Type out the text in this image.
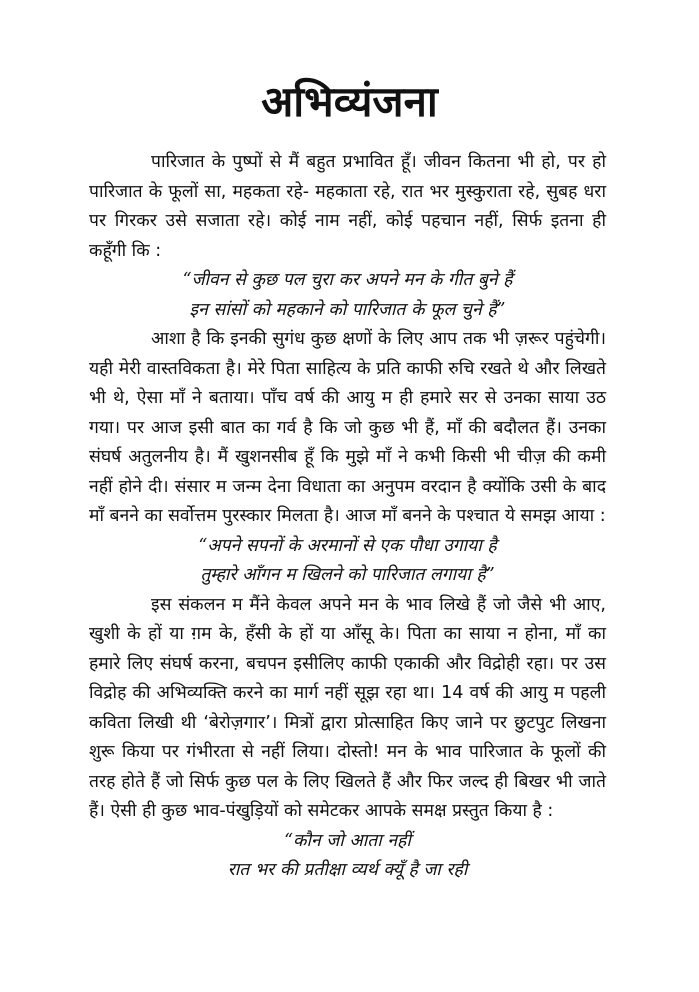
अभिव्यंजना

पारिजात के पुष्पों से मैं बहुत प्रभावित हूँ। जीवन कितना भी हो, पर हो पारिजात के फूलों सा, महकता रहे- महकाता रहे, रात भर मुस्कुराता रहे, सुबह धरा पर गिरकर उसे सजाता रहे। कोई नाम नहीं, कोई पहचान नहीं, सिर्फ इतना ही कहूँगी कि :

“जीवन से कुछ पल चुरा कर अपने मन के गीत बुने हैं

इन सांसों को महकाने को पारिजात के फूल चुने हैं”

आशा है कि इनकी सुगंध कुछ क्षणों के लिए आप तक भी ज़रूर पहुंचेगी। यही मेरी वास्तविकता है। मेरे पिता साहित्य के प्रति काफी रुचि रखते थे और लिखते भी थे, ऐसा माँ ने बताया। पाँच वर्ष की आयु म ही हमारे सर से उनका साया उठ गया। पर आज इसी बात का गर्व है कि जो कुछ भी हैं, माँ की बदौलत हैं। उनका संघर्ष अतुलनीय है। मैं खुशनसीब हूँ कि मुझे माँ ने कभी किसी भी चीज़ की कमी नहीं होने दी। संसार म जन्म देना विधाता का अनुपम वरदान है क्योंकि उसी के बाद माँ बनने का सर्वोत्तम पुरस्कार मिलता है। आज माँ बनने के पश्चात ये समझ आया :

“अपने सपनों के अरमानों से एक पौधा उगाया है

तुम्हारे आँगन म खिलने को पारिजात लगाया है”

इस संकलन म मैंने केवल अपने मन के भाव लिखे हैं जो जैसे भी आए, खुशी के हों या ग़म के, हँसी के हों या आँसू के। पिता का साया न होना, माँ का हमारे लिए संघर्ष करना, बचपन इसीलिए काफी एकाकी और विद्रोही रहा। पर उस विद्रोह की अभिव्यक्ति करने का मार्ग नहीं सूझ रहा था। 14 वर्ष की आयु म पहली कविता लिखी थी ‘बेरोज़गार’। मित्रों द्वारा प्रोत्साहित किए जाने पर छुटपुट लिखना शुरू किया पर गंभीरता से नहीं लिया। दोस्तो! मन के भाव पारिजात के फूलों की तरह होते हैं जो सिर्फ कुछ पल के लिए खिलते हैं और फिर जल्द ही बिखर भी जाते हैं। ऐसी ही कुछ भाव-पंखुड़ियों को समेटकर आपके समक्ष प्रस्तुत किया है :

“कौन जो आता नहीं

रात भर की प्रतीक्षा व्यर्थ क्यूँ है जा रही
